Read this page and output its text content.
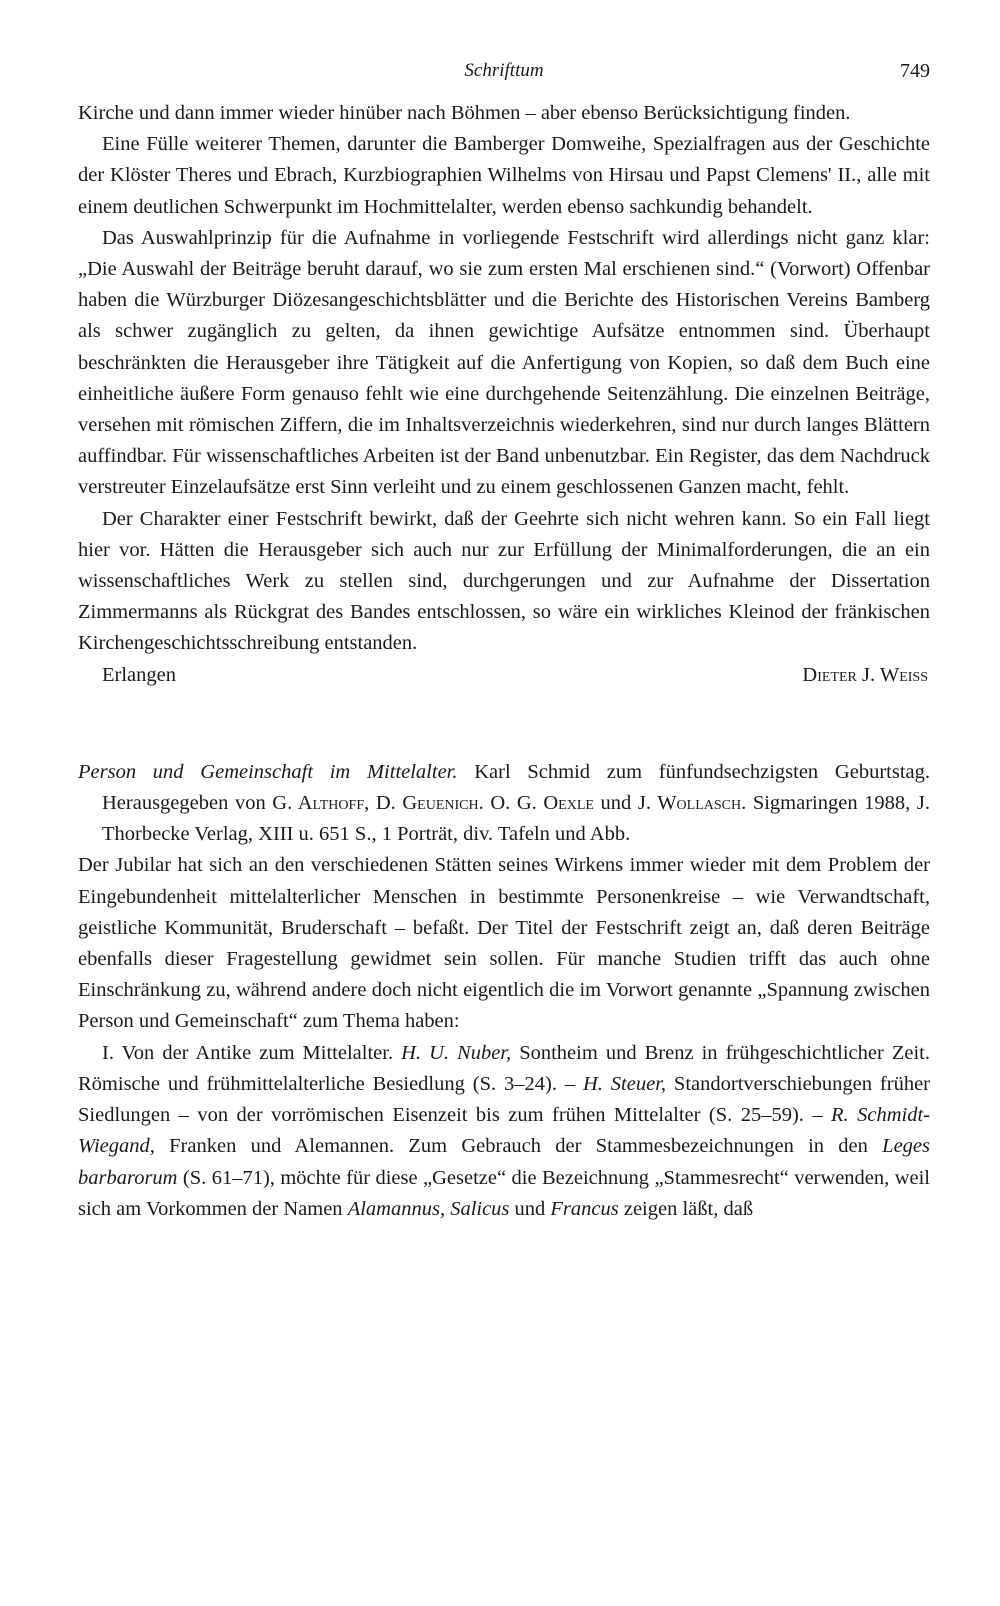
Schrifttum	749

Kirche und dann immer wieder hinüber nach Böhmen – aber ebenso Berücksichtigung finden.

Eine Fülle weiterer Themen, darunter die Bamberger Domweihe, Spezialfragen aus der Geschichte der Klöster Theres und Ebrach, Kurzbiographien Wilhelms von Hirsau und Papst Clemens' II., alle mit einem deutlichen Schwerpunkt im Hochmittelalter, werden ebenso sachkundig behandelt.

Das Auswahlprinzip für die Aufnahme in vorliegende Festschrift wird allerdings nicht ganz klar: „Die Auswahl der Beiträge beruht darauf, wo sie zum ersten Mal erschienen sind.“ (Vorwort) Offenbar haben die Würzburger Diözesangeschichtsblätter und die Berichte des Historischen Vereins Bamberg als schwer zugänglich zu gelten, da ihnen gewichtige Aufsätze entnommen sind. Überhaupt beschränkten die Herausgeber ihre Tätigkeit auf die Anfertigung von Kopien, so daß dem Buch eine einheitliche äußere Form genauso fehlt wie eine durchgehende Seitenzählung. Die einzelnen Beiträge, versehen mit römischen Ziffern, die im Inhaltsverzeichnis wiederkehren, sind nur durch langes Blättern auffindbar. Für wissenschaftliches Arbeiten ist der Band unbenutzbar. Ein Register, das dem Nachdruck verstreuter Einzelaufsätze erst Sinn verleiht und zu einem geschlossenen Ganzen macht, fehlt.

Der Charakter einer Festschrift bewirkt, daß der Geehrte sich nicht wehren kann. So ein Fall liegt hier vor. Hätten die Herausgeber sich auch nur zur Erfüllung der Minimalforderungen, die an ein wissenschaftliches Werk zu stellen sind, durchgerungen und zur Aufnahme der Dissertation Zimmermanns als Rückgrat des Bandes entschlossen, so wäre ein wirkliches Kleinod der fränkischen Kirchengeschichtsschreibung entstanden.

Erlangen	Dieter J. Weiss
Person und Gemeinschaft im Mittelalter. Karl Schmid zum fünfundsechzigsten Geburtstag. Herausgegeben von G. Althoff, D. Geuenich. O. G. Oexle und J. Wollasch. Sigmaringen 1988, J. Thorbecke Verlag, XIII u. 651 S., 1 Porträt, div. Tafeln und Abb.

Der Jubilar hat sich an den verschiedenen Stätten seines Wirkens immer wieder mit dem Problem der Eingebundenheit mittelalterlicher Menschen in bestimmte Personenkreise – wie Verwandtschaft, geistliche Kommunität, Bruderschaft – befaßt. Der Titel der Festschrift zeigt an, daß deren Beiträge ebenfalls dieser Fragestellung gewidmet sein sollen. Für manche Studien trifft das auch ohne Einschränkung zu, während andere doch nicht eigentlich die im Vorwort genannte „Spannung zwischen Person und Gemeinschaft“ zum Thema haben:

I. Von der Antike zum Mittelalter. H. U. Nuber, Sontheim und Brenz in frühgeschichtlicher Zeit. Römische und frühmittelalterliche Besiedlung (S. 3–24). – H. Steuer, Standortverschiebungen früher Siedlungen – von der vorrömischen Eisenzeit bis zum frühen Mittelalter (S. 25–59). – R. Schmidt-Wiegand, Franken und Alemannen. Zum Gebrauch der Stammesbezeichnungen in den Leges barbarorum (S. 61–71), möchte für diese „Gesetze“ die Bezeichnung „Stammesrecht“ verwenden, weil sich am Vorkommen der Namen Alamannus, Salicus und Francus zeigen läßt, daß
